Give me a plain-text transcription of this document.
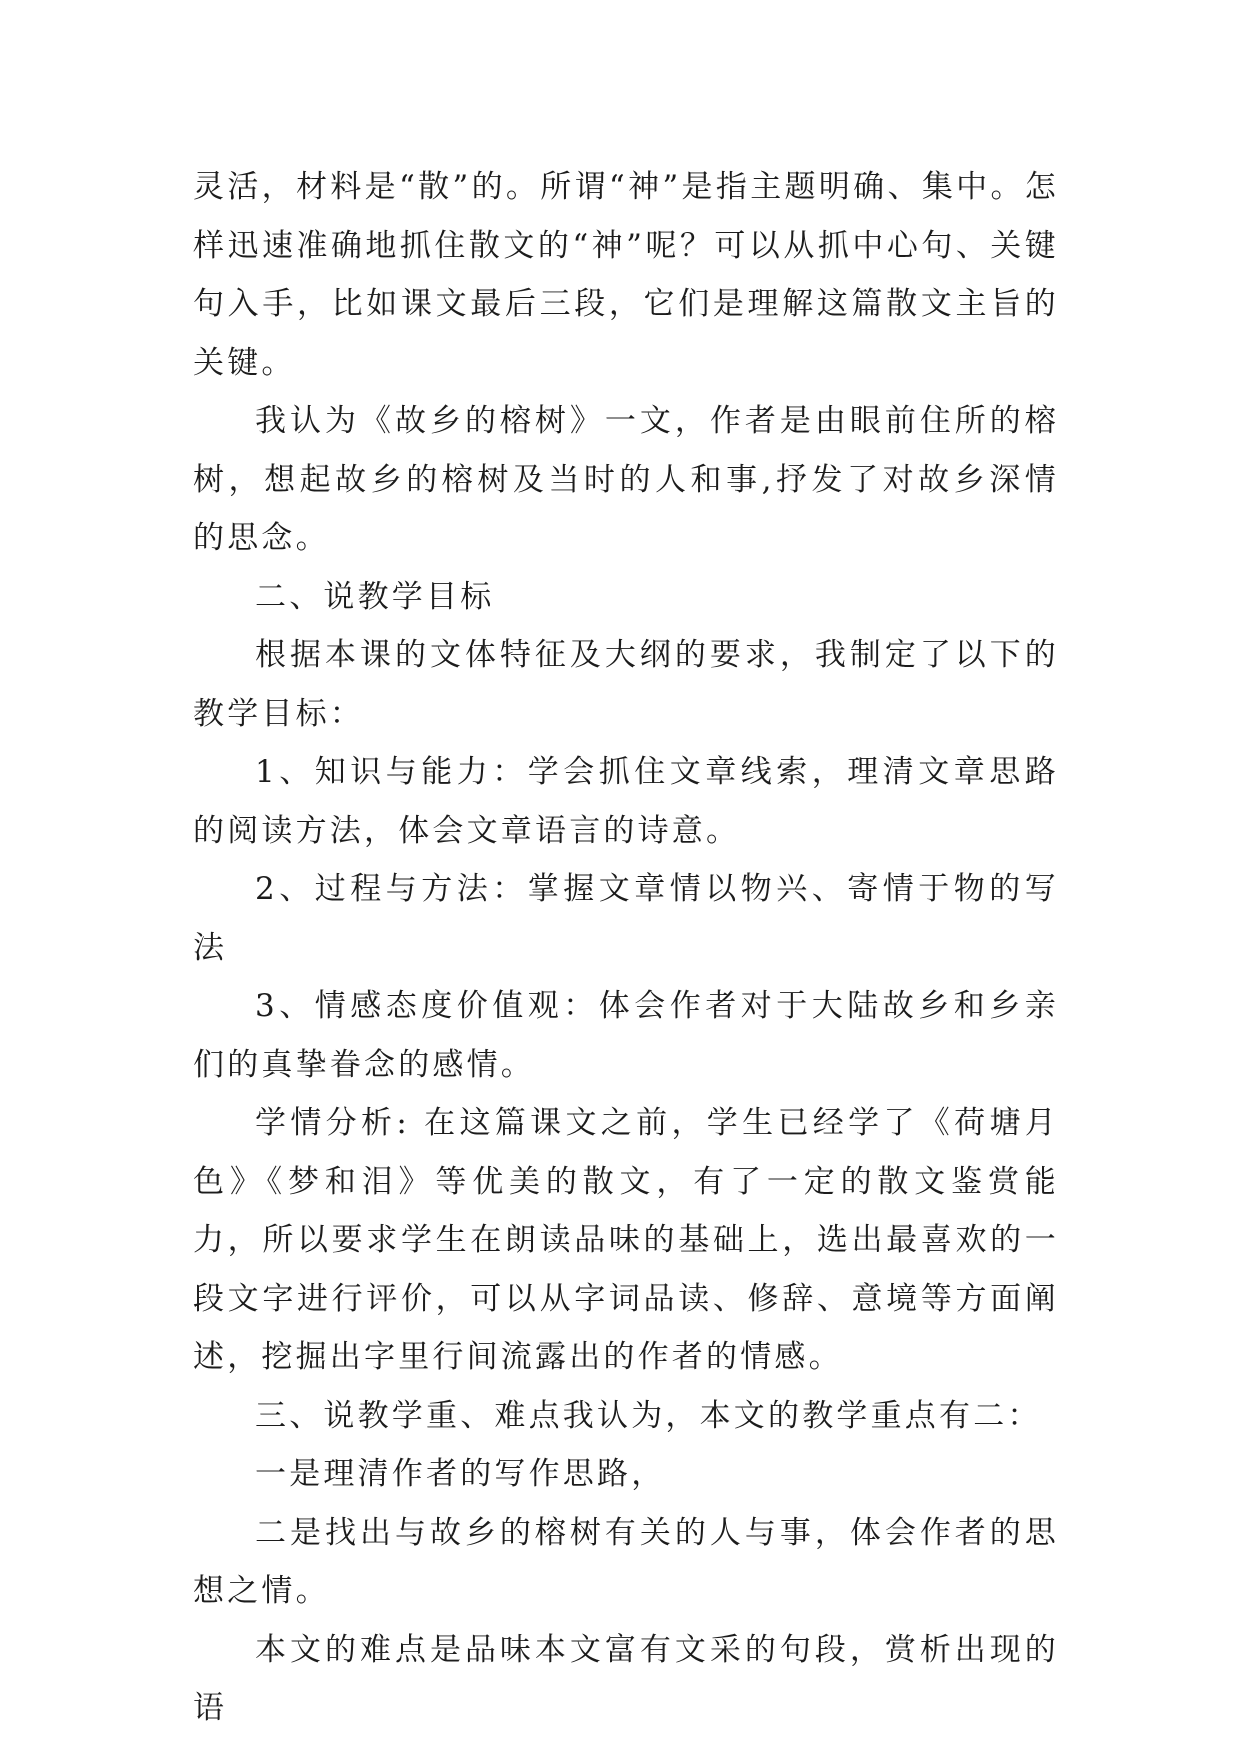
灵活，材料是“散”的。所谓“神”是指主题明确、集中。怎样迅速准确地抓住散文的“神”呢？可以从抓中心句、关键句入手，比如课文最后三段，它们是理解这篇散文主旨的关键。

我认为《故乡的榕树》一文，作者是由眼前住所的榕树，想起故乡的榕树及当时的人和事,抒发了对故乡深情的思念。

二、说教学目标

根据本课的文体特征及大纲的要求，我制定了以下的教学目标：

1、知识与能力：学会抓住文章线索，理清文章思路的阅读方法，体会文章语言的诗意。

2、过程与方法：掌握文章情以物兴、寄情于物的写法

3、情感态度价值观：体会作者对于大陆故乡和乡亲们的真挚眷念的感情。

学情分析: 在这篇课文之前，学生已经学了《荷塘月色》《梦和泪》等优美的散文，有了一定的散文鉴赏能力，所以要求学生在朗读品味的基础上，选出最喜欢的一段文字进行评价，可以从字词品读、修辞、意境等方面阐述，挖掘出字里行间流露出的作者的情感。

三、说教学重、难点我认为，本文的教学重点有二：

一是理清作者的写作思路，

二是找出与故乡的榕树有关的人与事，体会作者的思想之情。

本文的难点是品味本文富有文采的句段，赏析出现的语
